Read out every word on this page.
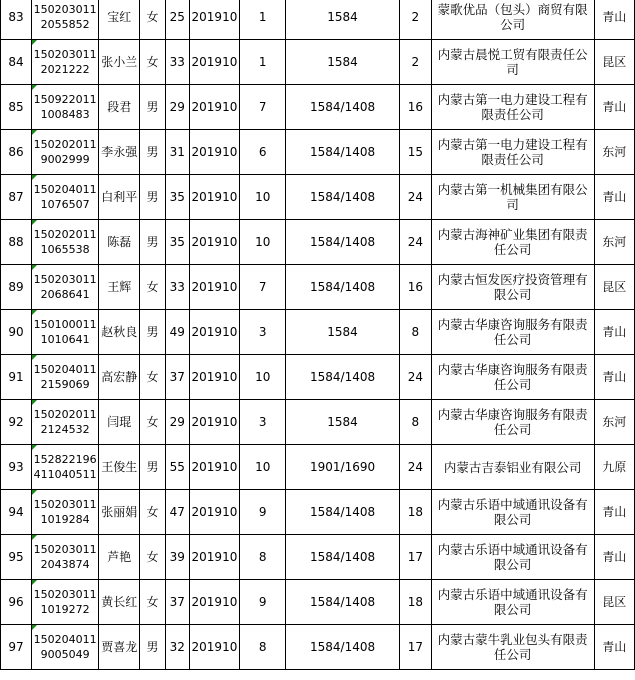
83	1502030112055852	宝红	女	25	201910	1	1584	2	蒙歌优品（包头）商贸有限公司	青山
84	1502030112021222	张小兰	女	33	201910	1	1584	2	内蒙古晨悦工贸有限责任公司	昆区
85	1509220111008483	段君	男	29	201910	7	1584/1408	16	内蒙古第一电力建设工程有限责任公司	青山
86	1502020119002999	李永强	男	31	201910	6	1584/1408	15	内蒙古第一电力建设工程有限责任公司	东河
87	1502040111076507	白利平	男	35	201910	10	1584/1408	24	内蒙古第一机械集团有限公司	青山
88	1502020111065538	陈磊	男	35	201910	10	1584/1408	24	内蒙古海神矿业集团有限责任公司	东河
89	1502030112068641	王辉	女	33	201910	7	1584/1408	16	内蒙古恒发医疗投资管理有限公司	昆区
90	1501000111010641	赵秋良	男	49	201910	3	1584	8	内蒙古华康咨询服务有限责任公司	青山
91	1502040112159069	高宏静	女	37	201910	10	1584/1408	24	内蒙古华康咨询服务有限责任公司	青山
92	1502020112124532	闫琨	女	29	201910	3	1584	8	内蒙古华康咨询服务有限责任公司	东河
93	152822196411040511	王俊生	男	55	201910	10	1901/1690	24	内蒙古吉泰铝业有限公司	九原
94	1502030111019284	张丽娟	女	47	201910	9	1584/1408	18	内蒙古乐语中域通讯设备有限公司	青山
95	1502030112043874	芦艳	女	39	201910	8	1584/1408	17	内蒙古乐语中域通讯设备有限公司	青山
96	1502030111019272	黄长红	女	37	201910	9	1584/1408	18	内蒙古乐语中域通讯设备有限公司	昆区
97	1502040119005049	贾喜龙	男	32	201910	8	1584/1408	17	内蒙古蒙牛乳业包头有限责任公司	青山
